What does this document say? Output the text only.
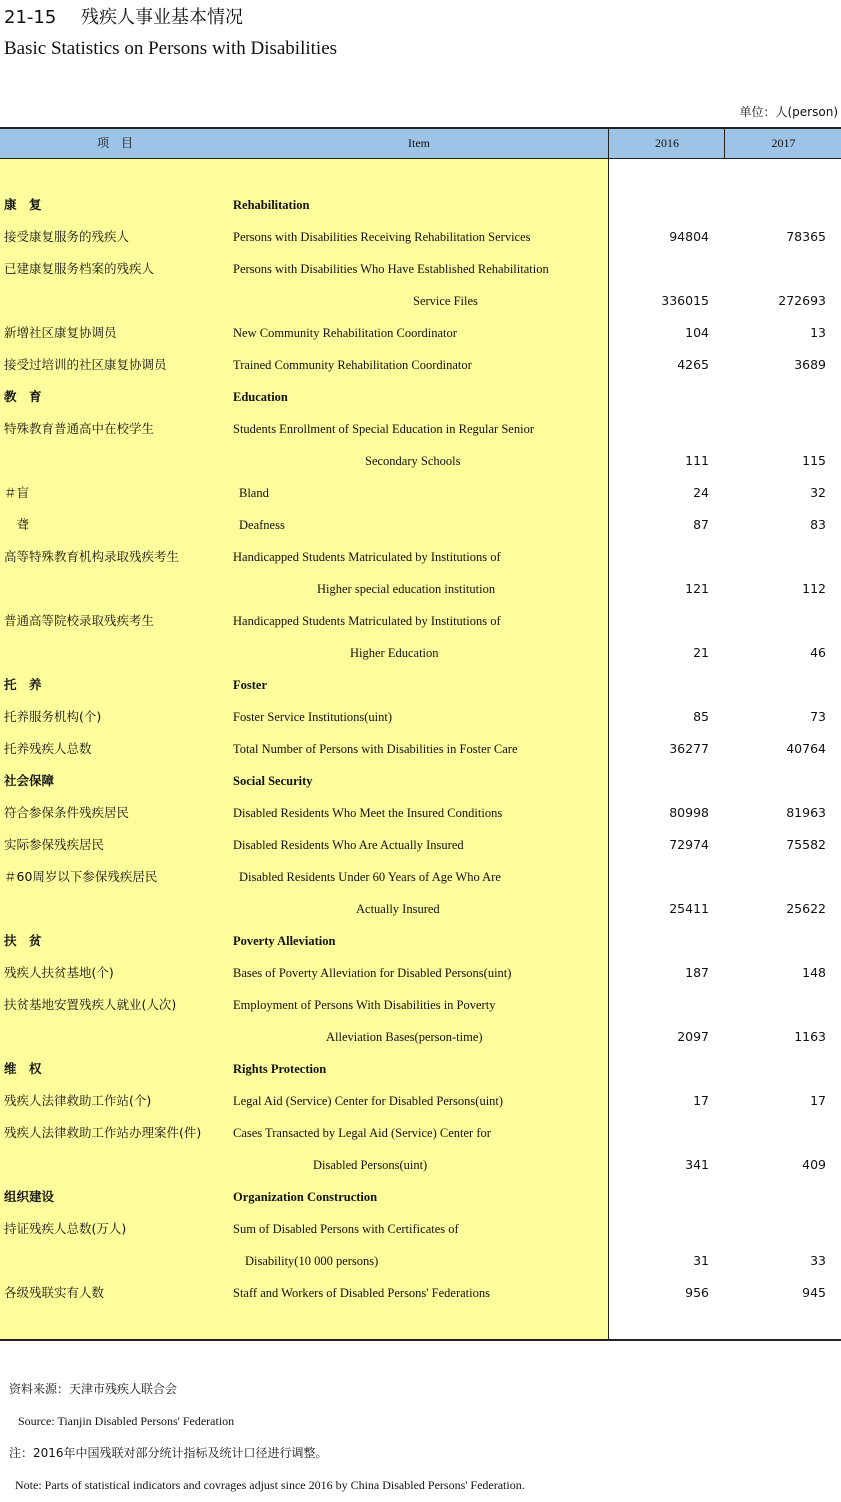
21-15 残疾人事业基本情况
Basic Statistics on Persons with Disabilities
单位：人(person)
项　目	Item	2016	2017
康　复	Rehabilitation
接受康复服务的残疾人	Persons with Disabilities Receiving Rehabilitation Services	94804	78365
已建康复服务档案的残疾人	Persons with Disabilities Who Have Established Rehabilitation
Service Files	336015	272693
新增社区康复协调员	New Community Rehabilitation Coordinator	104	13
接受过培训的社区康复协调员	Trained Community Rehabilitation Coordinator	4265	3689
教　育	Education
特殊教育普通高中在校学生	Students Enrollment of Special Education in Regular Senior
Secondary Schools	111	115
＃盲	Bland	24	32
　聋	Deafness	87	83
高等特殊教育机构录取残疾考生	Handicapped Students Matriculated by Institutions of
Higher special education institution	121	112
普通高等院校录取残疾考生	Handicapped Students Matriculated by Institutions of
Higher Education	21	46
托　养	Foster
托养服务机构(个)	Foster Service Institutions(uint)	85	73
托养残疾人总数	Total Number of Persons with Disabilities in Foster Care	36277	40764
社会保障	Social Security
符合参保条件残疾居民	Disabled Residents Who Meet the Insured Conditions	80998	81963
实际参保残疾居民	Disabled Residents Who Are Actually Insured	72974	75582
＃60周岁以下参保残疾居民	Disabled Residents Under 60 Years of Age Who Are
Actually Insured	25411	25622
扶　贫	Poverty Alleviation
残疾人扶贫基地(个)	Bases of Poverty Alleviation for Disabled Persons(uint)	187	148
扶贫基地安置残疾人就业(人次)	Employment of Persons With Disabilities in Poverty
Alleviation Bases(person-time)	2097	1163
维　权	Rights Protection
残疾人法律救助工作站(个)	Legal Aid (Service) Center for Disabled Persons(uint)	17	17
残疾人法律救助工作站办理案件(件)	Cases Transacted by Legal Aid (Service) Center for
Disabled Persons(uint)	341	409
组织建设	Organization Construction
持证残疾人总数(万人)	Sum of Disabled Persons with Certificates of
Disability(10 000 persons)	31	33
各级残联实有人数	Staff and Workers of Disabled Persons' Federations	956	945
资料来源：天津市残疾人联合会
Source: Tianjin Disabled Persons' Federation
注：2016年中国残联对部分统计指标及统计口径进行调整。
Note: Parts of statistical indicators and covrages adjust since 2016 by China Disabled Persons' Federation.
